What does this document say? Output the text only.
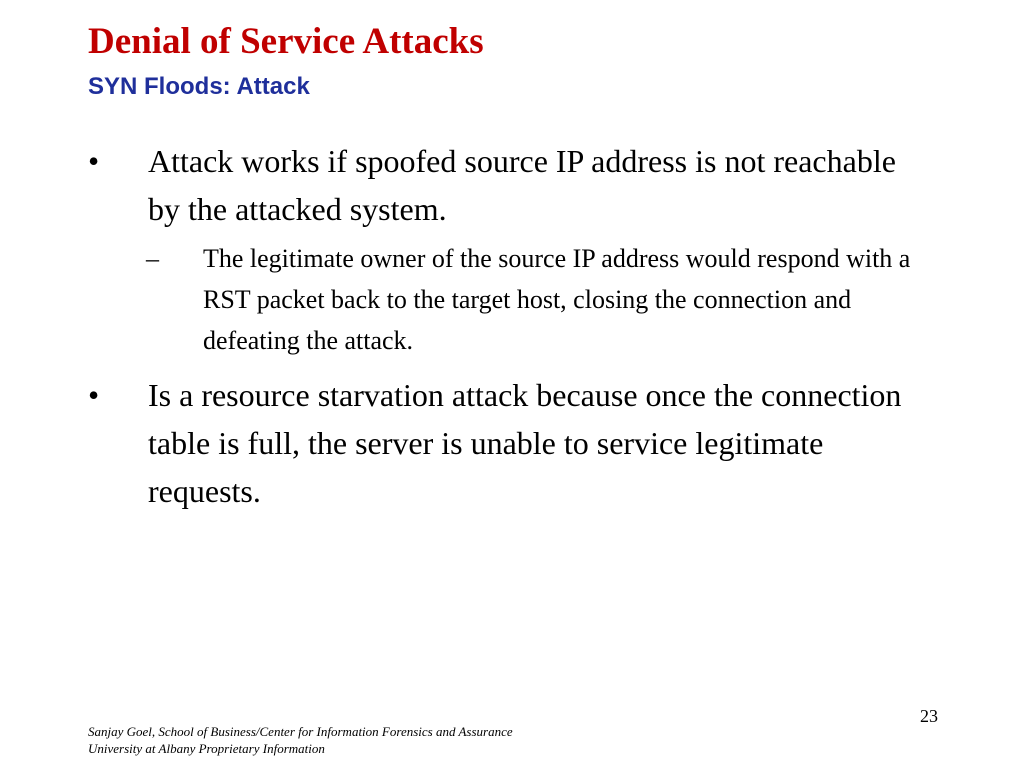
Denial of Service Attacks
SYN Floods: Attack
• Attack works if spoofed source IP address is not reachable by the attacked system.
– The legitimate owner of the source IP address would respond with a RST packet back to the target host, closing the connection and defeating the attack.
• Is a resource starvation attack because once the connection table is full, the server is unable to service legitimate requests.
23
Sanjay Goel, School of Business/Center for Information Forensics and Assurance
University at Albany Proprietary Information
